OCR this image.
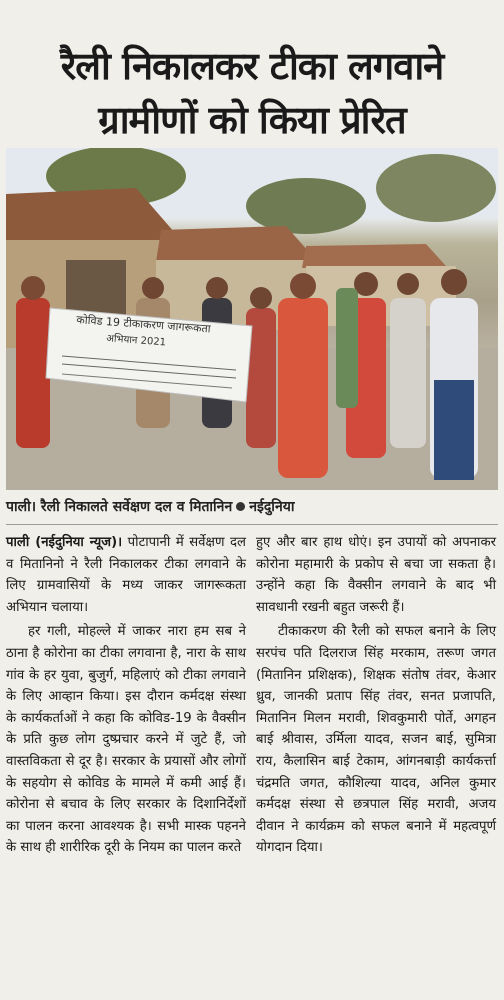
रैली निकालकर टीका लगवाने
ग्रामीणों को किया प्रेरित
कोविड 19 टीकाकरण जागरूकता
अभियान 2021
पाली। रैली निकालते सर्वेक्षण दल व मितानिन नईदुनिया

पाली (नईदुनिया न्यूज)। पोटापानी में सर्वेक्षण दल व मितानिनो ने रैली निकालकर टीका लगवाने के लिए ग्रामवासियों के मध्य जाकर जागरूकता अभियान चलाया।

हर गली, मोहल्ले में जाकर नारा हम सब ने ठाना है कोरोना का टीका लगवाना है, नारा के साथ गांव के हर युवा, बुजुर्ग, महिलाएं को टीका लगवाने के लिए आव्हान किया। इस दौरान कर्मदक्ष संस्था के कार्यकर्ताओं ने कहा कि कोविड-19 के वैक्सीन के प्रति कुछ लोग दुष्प्रचार करने में जुटे हैं, जो वास्तविकता से दूर है। सरकार के प्रयासों और लोगों के सहयोग से कोविड के मामले में कमी आई हैं। कोरोना से बचाव के लिए सरकार के दिशानिर्देशों का पालन करना आवश्यक है। सभी मास्क पहनने के साथ ही शारीरिक दूरी के नियम का पालन करते

हुए और बार हाथ धोएं। इन उपायों को अपनाकर कोरोना महामारी के प्रकोप से बचा जा सकता है। उन्होंने कहा कि वैक्सीन लगवाने के बाद भी सावधानी रखनी बहुत जरूरी हैं।

टीकाकरण की रैली को सफल बनाने के लिए सरपंच पति दिलराज सिंह मरकाम, तरूण जगत (मितानिन प्रशिक्षक), शिक्षक संतोष तंवर, केआर ध्रुव, जानकी प्रताप सिंह तंवर, सनत प्रजापति, मितानिन मिलन मरावी, शिवकुमारी पोर्ते, अगहन बाई श्रीवास, उर्मिला यादव, सजन बाई, सुमित्रा राय, कैलासिन बाई टेकाम, आंगनबाड़ी कार्यकर्त्ता चंद्रमति जगत, कौशिल्या यादव, अनिल कुमार कर्मदक्ष संस्था से छत्रपाल सिंह मरावी, अजय दीवान ने कार्यक्रम को सफल बनाने में महत्वपूर्ण योगदान दिया।
